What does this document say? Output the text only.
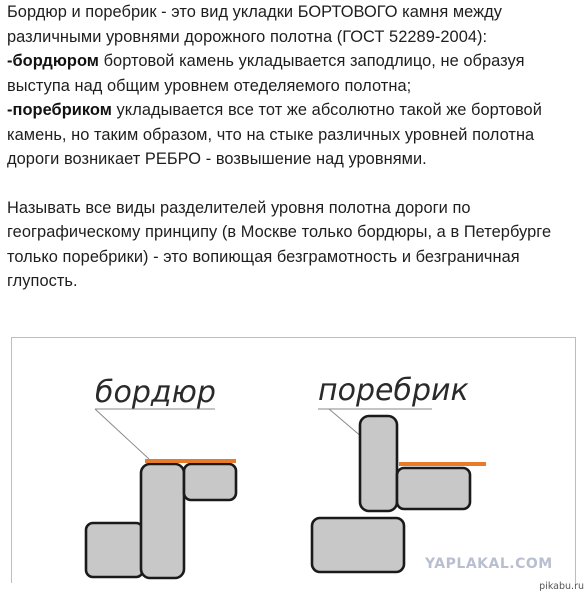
Бордюр и поребрик - это вид укладки БОРТОВОГО камня между различными уровнями дорожного полотна (ГОСТ 52289-2004):

-бордюром бортовой камень укладывается заподлицо, не образуя выступа над общим уровнем отеделяемого полотна;

-поребриком укладывается все тот же абсолютно такой же бортовой камень, но таким образом, что на стыке различных уровней полотна дороги возникает РЕБРО - возвышение над уровнями.

Называть все виды разделителей уровня полотна дороги по географическому принципу (в Москве только бордюры, а в Петербурге только поребрики) - это вопиющая безграмотность и безграничная глупость.

бордюр	поребрик
YAPLAKAL.COM
pikabu.ru
